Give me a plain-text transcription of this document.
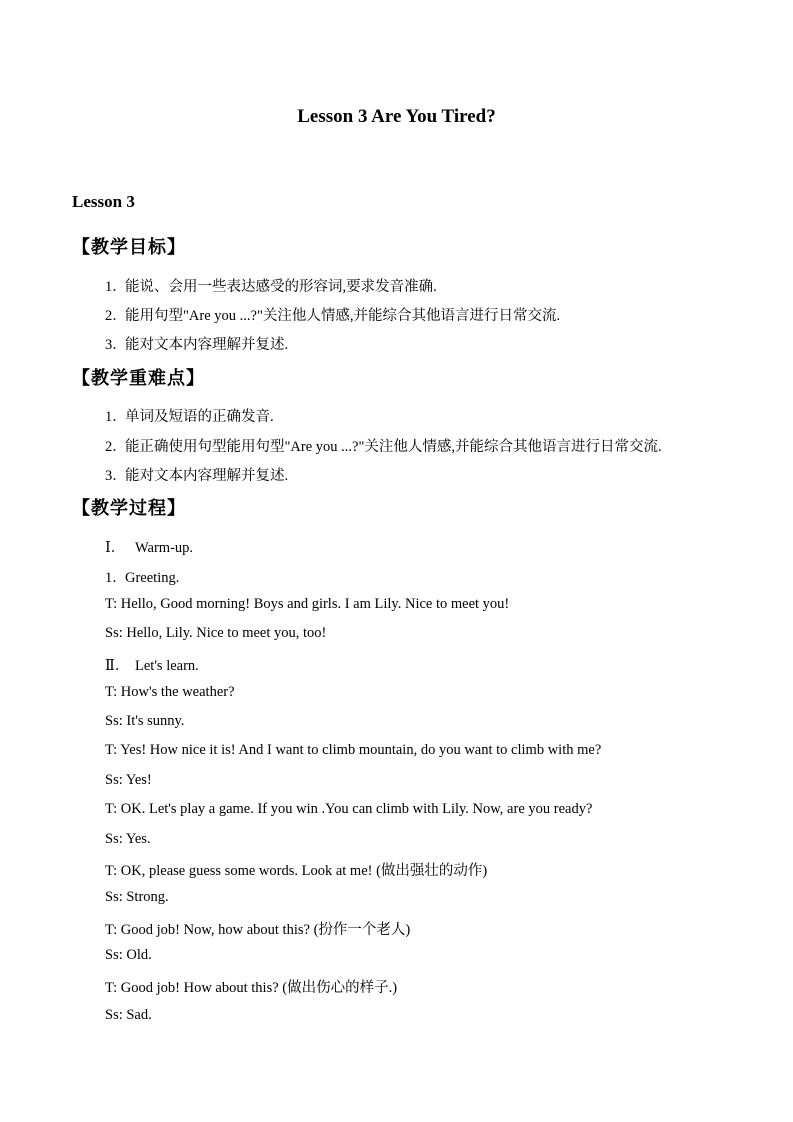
Lesson 3 Are You Tired?
Lesson 3
【教学目标】
1．能说、会用一些表达感受的形容词,要求发音准确.
2．能用句型"Are you ...?"关注他人情感,并能综合其他语言进行日常交流.
3．能对文本内容理解并复述.
【教学重难点】
1．单词及短语的正确发音.
2．能正确使用句型能用句型"Are you ...?"关注他人情感,并能综合其他语言进行日常交流.
3．能对文本内容理解并复述.
【教学过程】
Ⅰ． Warm-up.
1．Greeting.
T: Hello, Good morning! Boys and girls. I am Lily. Nice to meet you!
Ss: Hello, Lily. Nice to meet you, too!
Ⅱ． Let's learn.
T: How's the weather?
Ss: It's sunny.
T: Yes! How nice it is! And I want to climb mountain, do you want to climb with me?
Ss: Yes!
T: OK. Let's play a game. If you win .You can climb with Lily. Now, are you ready?
Ss: Yes.
T: OK, please guess some words. Look at me! (做出强壮的动作)
Ss: Strong.
T: Good job! Now, how about this? (扮作一个老人)
Ss: Old.
T: Good job! How about this? (做出伤心的样子.)
Ss: Sad.
